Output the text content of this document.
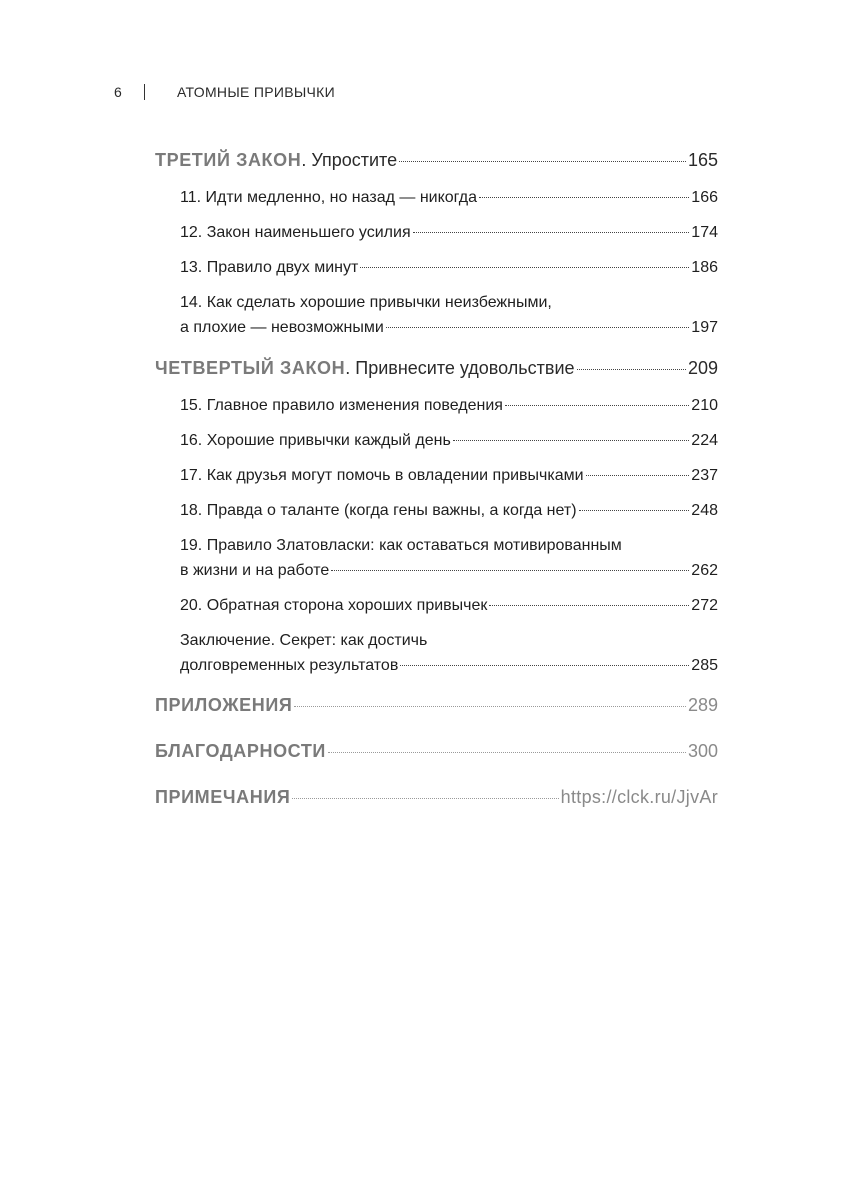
6	АТОМНЫЕ ПРИВЫЧКИ
ТРЕТИЙ ЗАКОН. Упростите	165
11. Идти медленно, но назад — никогда	166
12. Закон наименьшего усилия	174
13. Правило двух минут	186
14. Как сделать хорошие привычки неизбежными,
а плохие — невозможными	197
ЧЕТВЕРТЫЙ ЗАКОН. Привнесите удовольствие	209
15. Главное правило изменения поведения	210
16. Хорошие привычки каждый день	224
17. Как друзья могут помочь в овладении привычками	237
18. Правда о таланте (когда гены важны, а когда нет)	248
19. Правило Златовласки: как оставаться мотивированным
в жизни и на работе	262
20. Обратная сторона хороших привычек	272
Заключение. Секрет: как достичь
долговременных результатов	285
ПРИЛОЖЕНИЯ	289
БЛАГОДАРНОСТИ	300
ПРИМЕЧАНИЯ	https://clck.ru/JjvAr
